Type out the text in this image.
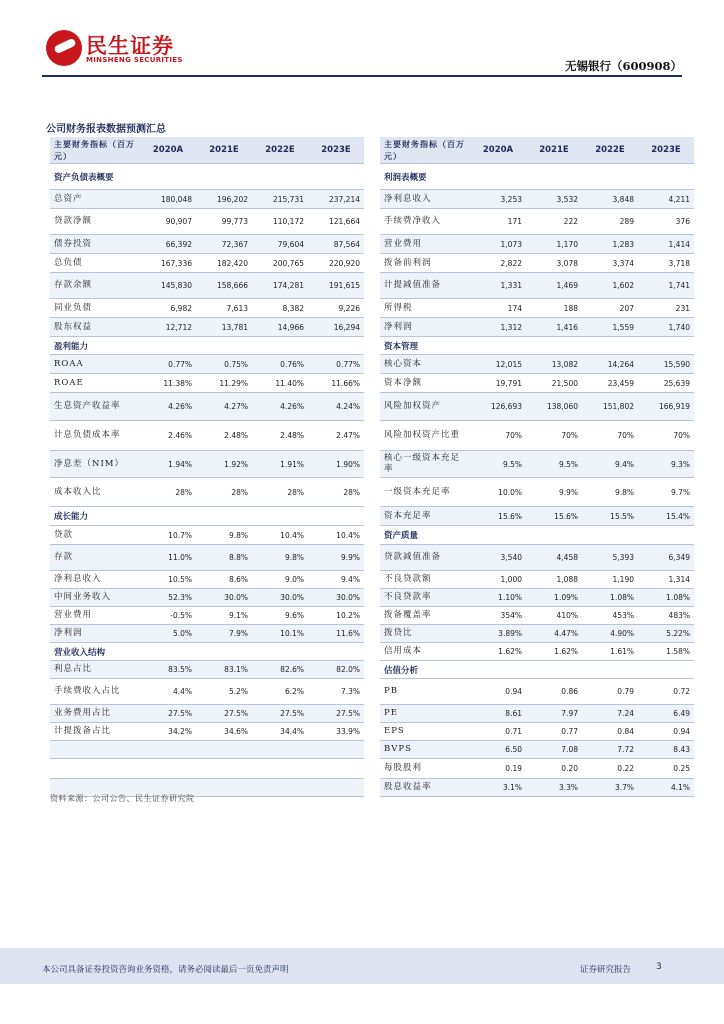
民生证券
MINSHENG SECURITIES	无锡银行（600908）
公司财务报表数据预测汇总
主要财务指标（百万元）	2020A	2021E	2022E	2023E
资产负债表概要				
总资产	180,048	196,202	215,731	237,214
贷款净额	90,907	99,773	110,172	121,664
债券投资	66,392	72,367	79,604	87,564
总负债	167,336	182,420	200,765	220,920
存款余额	145,830	158,666	174,281	191,615
同业负债	6,982	7,613	8,382	9,226
股东权益	12,712	13,781	14,966	16,294
盈利能力				
ROAA	0.77%	0.75%	0.76%	0.77%
ROAE	11.38%	11.29%	11.40%	11.66%
生息资产收益率	4.26%	4.27%	4.26%	4.24%
计息负债成本率	2.46%	2.48%	2.48%	2.47%
净息差（NIM）	1.94%	1.92%	1.91%	1.90%
成本收入比	28%	28%	28%	28%
成长能力				
贷款	10.7%	9.8%	10.4%	10.4%
存款	11.0%	8.8%	9.8%	9.9%
净利息收入	10.5%	8.6%	9.0%	9.4%
中间业务收入	52.3%	30.0%	30.0%	30.0%
营业费用	-0.5%	9.1%	9.6%	10.2%
净利润	5.0%	7.9%	10.1%	11.6%
营业收入结构				
利息占比	83.5%	83.1%	82.6%	82.0%
手续费收入占比	4.4%	5.2%	6.2%	7.3%
业务费用占比	27.5%	27.5%	27.5%	27.5%
计提拨备占比	34.2%	34.6%	34.4%	33.9%

主要财务指标（百万元）	2020A	2021E	2022E	2023E
利润表概要				
净利息收入	3,253	3,532	3,848	4,211
手续费净收入	171	222	289	376
营业费用	1,073	1,170	1,283	1,414
拨备前利润	2,822	3,078	3,374	3,718
计提减值准备	1,331	1,469	1,602	1,741
所得税	174	188	207	231
净利润	1,312	1,416	1,559	1,740
资本管理				
核心资本	12,015	13,082	14,264	15,590
资本净额	19,791	21,500	23,459	25,639
风险加权资产	126,693	138,060	151,802	166,919
风险加权资产比重	70%	70%	70%	70%
核心一级资本充足率	9.5%	9.5%	9.4%	9.3%
一级资本充足率	10.0%	9.9%	9.8%	9.7%
资本充足率	15.6%	15.6%	15.5%	15.4%
资产质量				
贷款减值准备	3,540	4,458	5,393	6,349
不良贷款额	1,000	1,088	1,190	1,314
不良贷款率	1.10%	1.09%	1.08%	1.08%
拨备覆盖率	354%	410%	453%	483%
拨贷比	3.89%	4.47%	4.90%	5.22%
信用成本	1.62%	1.62%	1.61%	1.58%
估值分析				
PB	0.94	0.86	0.79	0.72
PE	8.61	7.97	7.24	6.49
EPS	0.71	0.77	0.84	0.94
BVPS	6.50	7.08	7.72	8.43
每股股利	0.19	0.20	0.22	0.25
股息收益率	3.1%	3.3%	3.7%	4.1%
资料来源：公司公告、民生证券研究院
本公司具备证券投资咨询业务资格，请务必阅读最后一页免责声明	证券研究报告	3
